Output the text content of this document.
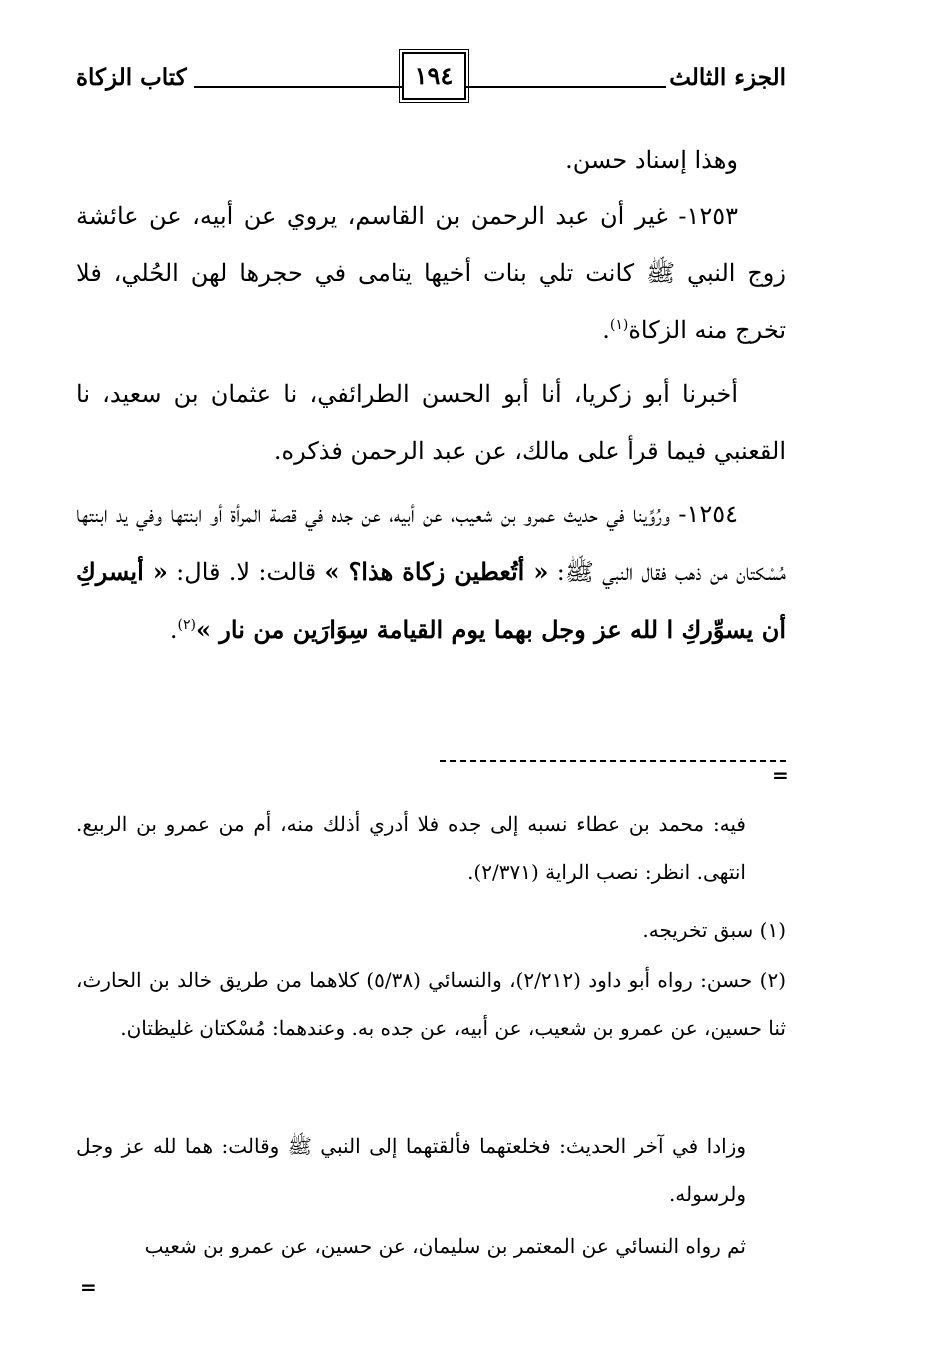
الجزء الثالث
١٩٤
كتاب الزكاة
وهذا إسناد حسن.
١٢٥٣- غير أن عبد الرحمن بن القاسم، يروي عن أبيه، عن عائشة زوج النبي ﷺ كانت تلي بنات أخيها يتامى في حجرها لهن الحُلي، فلا تخرج منه الزكاة$^{(١)}$.
أخبرنا أبو زكريا، أنا أبو الحسن الطرائفي، نا عثمان بن سعيد، نا القعنبي فيما قرأ على مالك، عن عبد الرحمن فذكره.
١٢٥٤- ورُوِّينا في حديث عمرو بن شعيب، عن أبيه، عن جده في قصة المرأة أو ابنتها وفي يد ابنتها مُسْكتان من ذهب فقال النبي ﷺ: « أتُعطين زكاة هذا؟ » قالت: لا. قال: « أيسركِ أن يسوِّركِ ا لله عز وجل بهما يوم القيامة سِوَارَين من نار »$^{(٢)}$.
=
فيه: محمد بن عطاء نسبه إلى جده فلا أدري أذلك منه، أم من عمرو بن الربيع. انتهى. انظر: نصب الراية (٢/٣٧١).
(١) سبق تخريجه.
(٢) حسن: رواه أبو داود (٢/٢١٢)، والنسائي (٥/٣٨) كلاهما من طريق خالد بن الحارث، ثنا حسين، عن عمرو بن شعيب، عن أبيه، عن جده به. وعندهما: مُسْكتان غليظتان.
وزادا في آخر الحديث: فخلعتهما فألقتهما إلى النبي ﷺ وقالت: هما لله عز وجل ولرسوله.
ثم رواه النسائي عن المعتمر بن سليمان، عن حسين، عن عمرو بن شعيب
=
